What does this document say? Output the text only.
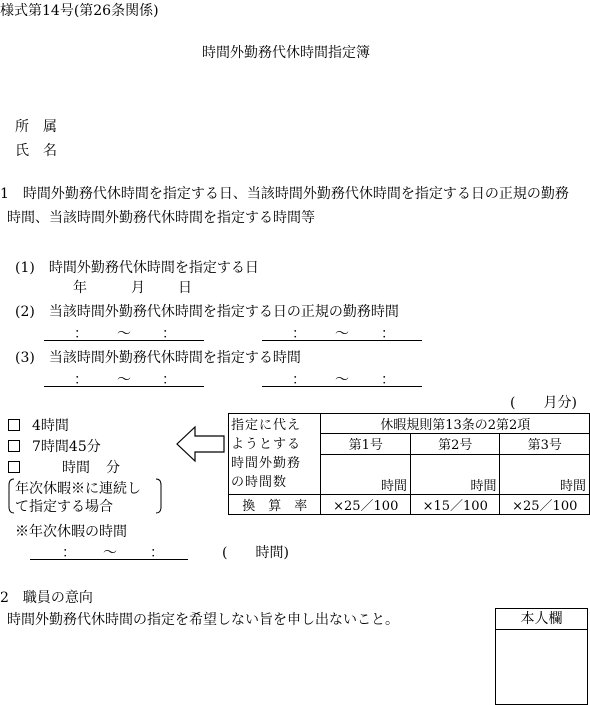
様式第14号(第26条関係)
時間外勤務代休時間指定簿
所　属
氏　名
1　時間外勤務代休時間を指定する日、当該時間外勤務代休時間を指定する日の正規の勤務
時間、当該時間外勤務代休時間を指定する時間等
(1)　時間外勤務代休時間を指定する日
年	月 日
(2)　当該時間外勤務代休時間を指定する日の正規の勤務時間
： ～ ：	： ～ ：
(3)　当該時間外勤務代休時間を指定する時間
： ～ ：	： ～ ：
(　　月分)
4時間
7時間45分
時間 分
年次休暇※に連続し
て指定する場合
※年次休暇の時間
： ～ ：	(　　時間)
指定に代え
ようとする
時間外勤務
の時間数	休暇規則第13条の2第2項		
	第1号	第2号	第3号
	時間	時間	時間
換　算　率	×25／100	×15／100	×25／100
2　職員の意向
時間外勤務代休時間の指定を希望しない旨を申し出ないこと。	本人欄
